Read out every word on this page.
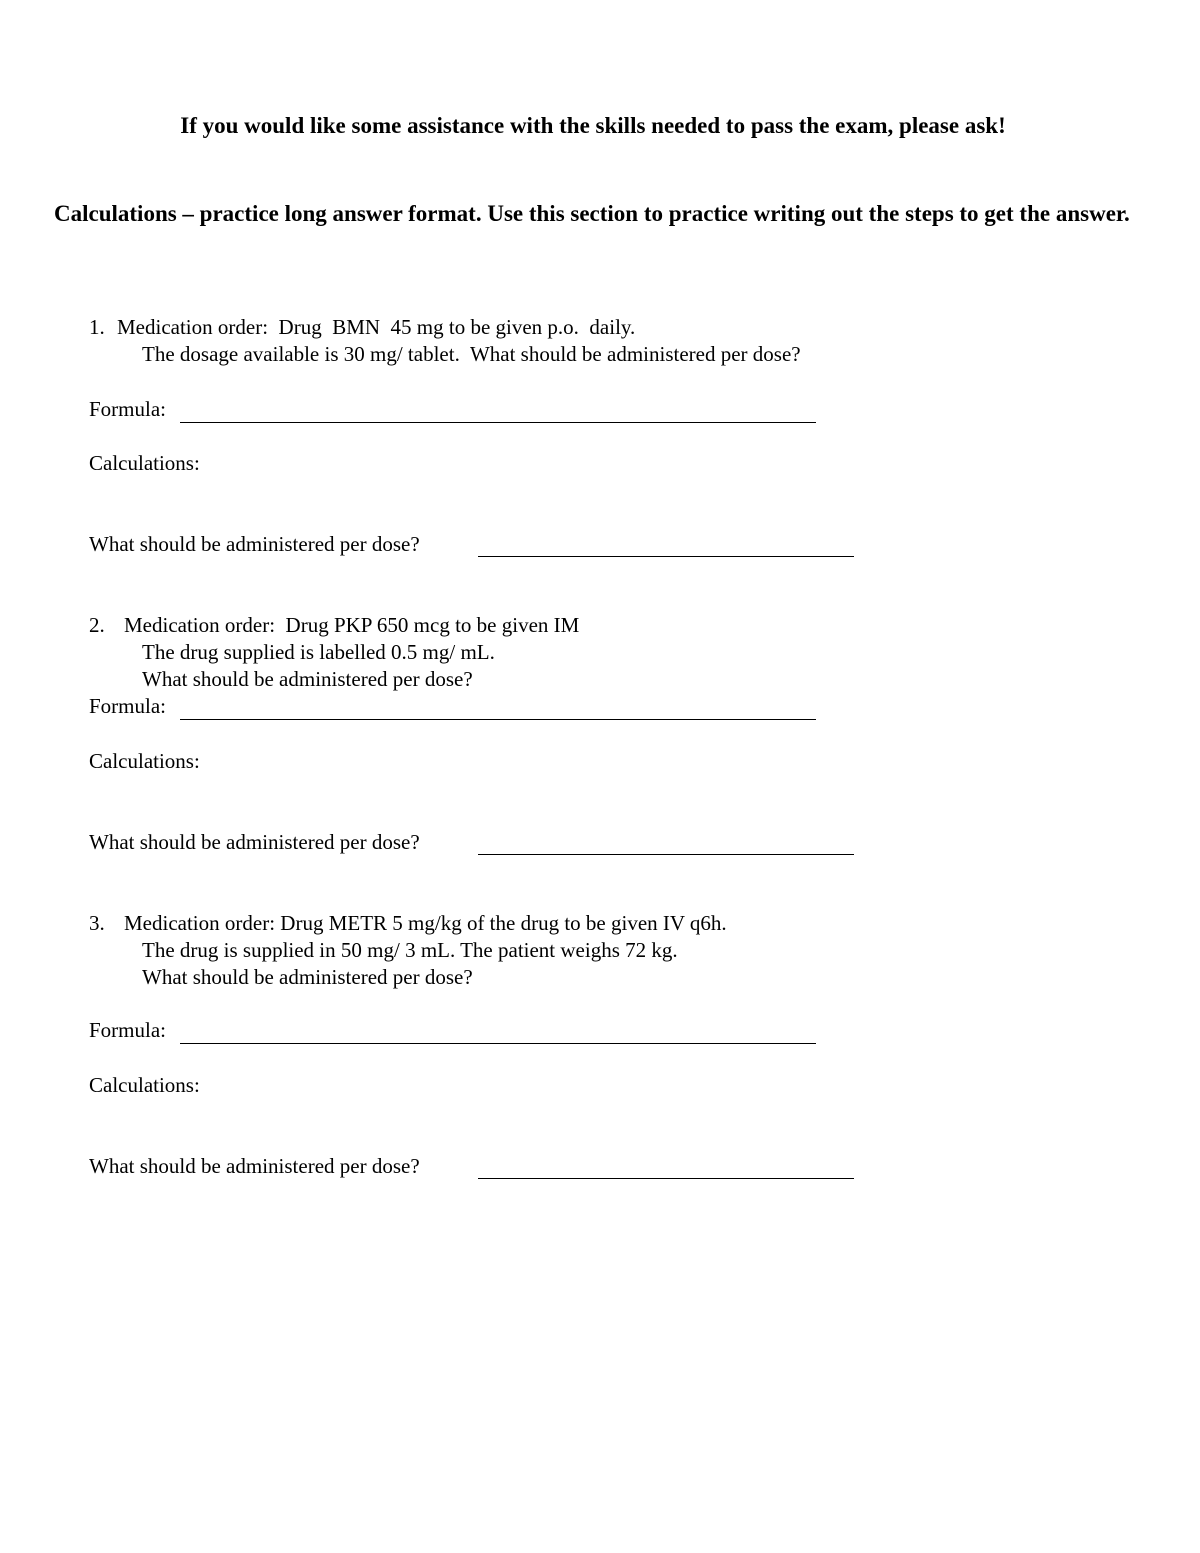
If you would like some assistance with the skills needed to pass the exam, please ask!
Calculations – practice long answer format. Use this section to practice writing out the steps to get the answer.
1. Medication order:  Drug  BMN  45 mg to be given p.o.  daily.
The dosage available is 30 mg/ tablet.  What should be administered per dose?
Formula:
Calculations:
What should be administered per dose?
2. Medication order:  Drug PKP 650 mcg to be given IM
The drug supplied is labelled 0.5 mg/ mL.
What should be administered per dose?
Formula:
Calculations:
What should be administered per dose?
3. Medication order: Drug METR 5 mg/kg of the drug to be given IV q6h.
The drug is supplied in 50 mg/ 3 mL. The patient weighs 72 kg.
What should be administered per dose?
Formula:
Calculations:
What should be administered per dose?
